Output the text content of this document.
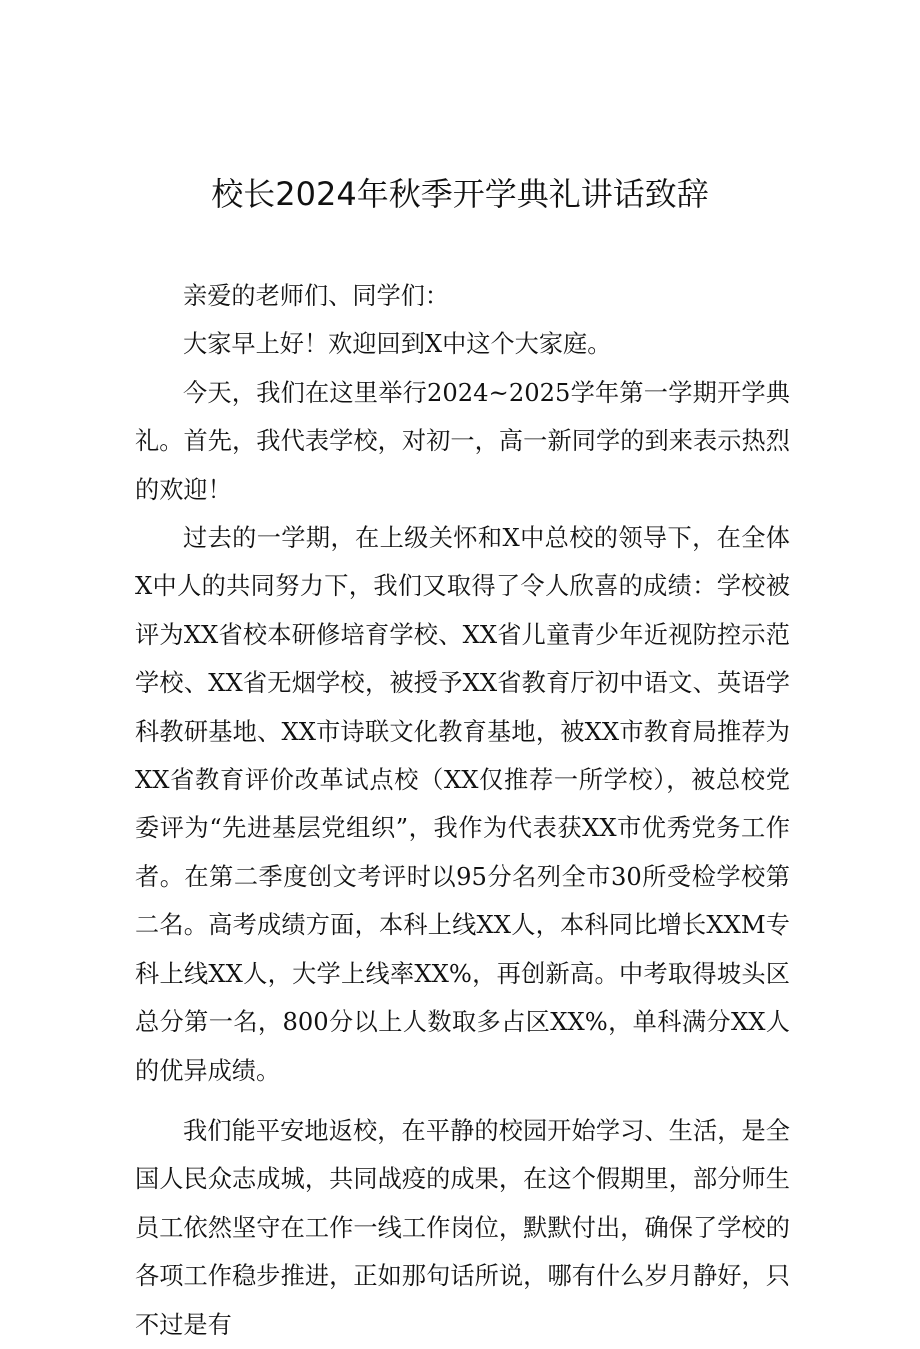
校长2024年秋季开学典礼讲话致辞

亲爱的老师们、同学们：

大家早上好！欢迎回到X中这个大家庭。

今天，我们在这里举行2024~2025学年第一学期开学典礼。首先，我代表学校，对初一，高一新同学的到来表示热烈的欢迎！

过去的一学期，在上级关怀和X中总校的领导下，在全体X中人的共同努力下，我们又取得了令人欣喜的成绩：学校被评为XX省校本研修培育学校、XX省儿童青少年近视防控示范学校、XX省无烟学校，被授予XX省教育厅初中语文、英语学科教研基地、XX市诗联文化教育基地，被XX市教育局推荐为XX省教育评价改革试点校（XX仅推荐一所学校），被总校党委评为“先进基层党组织”，我作为代表获XX市优秀党务工作者。在第二季度创文考评时以95分名列全市30所受检学校第二名。高考成绩方面，本科上线XX人，本科同比增长XXM专科上线XX人，大学上线率XX%，再创新高。中考取得坡头区总分第一名，800分以上人数取多占区XX%，单科满分XX人的优异成绩。

我们能平安地返校，在平静的校园开始学习、生活，是全国人民众志成城，共同战疫的成果，在这个假期里，部分师生员工依然坚守在工作一线工作岗位，默默付出，确保了学校的各项工作稳步推进，正如那句话所说，哪有什么岁月静好，只不过是有
